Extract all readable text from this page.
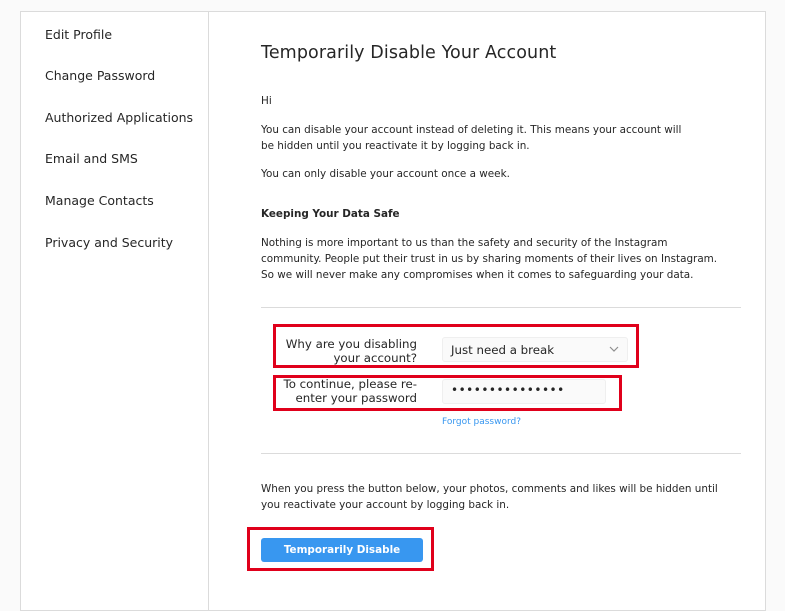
Edit Profile
Change Password
Authorized Applications
Email and SMS
Manage Contacts
Privacy and Security
Temporarily Disable Your Account
Hi
You can disable your account instead of deleting it. This means your account will be hidden until you reactivate it by logging back in.
You can only disable your account once a week.
Keeping Your Data Safe
Nothing is more important to us than the safety and security of the Instagram community. People put their trust in us by sharing moments of their lives on Instagram. So we will never make any compromises when it comes to safeguarding your data.
Why are you disabling your account?
Just need a break
To continue, please re-enter your password
•••••••••••••••
Forgot password?
When you press the button below, your photos, comments and likes will be hidden until you reactivate your account by logging back in.
Temporarily Disable Account
